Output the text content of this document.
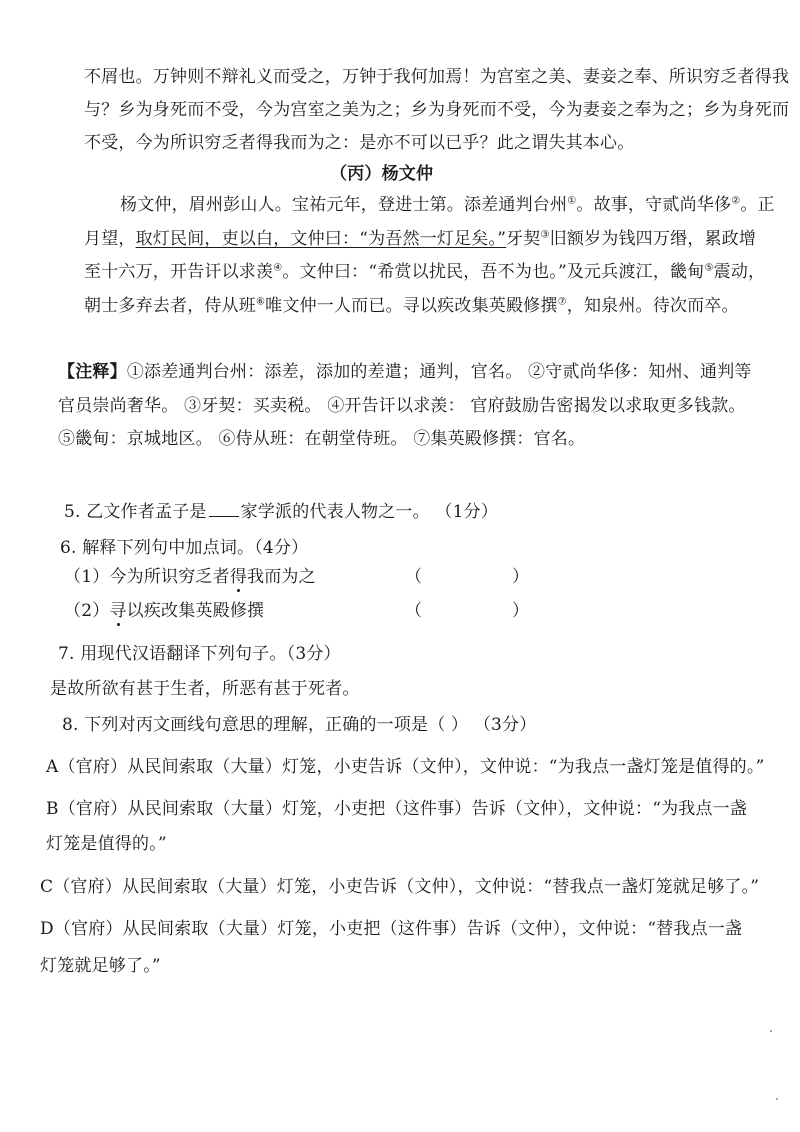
不屑也。万钟则不辩礼义而受之，万钟于我何加焉！为宫室之美、妻妾之奉、所识穷乏者得我
与？乡为身死而不受，今为宫室之美为之；乡为身死而不受，今为妻妾之奉为之；乡为身死而
不受，今为所识穷乏者得我而为之：是亦不可以已乎？此之谓失其本心。
（丙）杨文仲
杨文仲，眉州彭山人。宝祐元年，登进士第。添差通判台州①。故事，守贰尚华侈②。正
月望，取灯民间，吏以白，文仲曰：“为吾然一灯足矣。”牙契③旧额岁为钱四万缗，累政增
至十六万，开告讦以求羡④。文仲曰：“希赏以扰民，吾不为也。”及元兵渡江，畿甸⑤震动，
朝士多弃去者，侍从班⑥唯文仲一人而已。寻以疾改集英殿修撰⑦，知泉州。待次而卒。
【注释】①添差通判台州：添差，添加的差遣；通判，官名。 ②守贰尚华侈：知州、通判等
官员崇尚奢华。 ③牙契：买卖税。 ④开告讦以求羡： 官府鼓励告密揭发以求取更多钱款。
⑤畿甸：京城地区。 ⑥侍从班：在朝堂侍班。 ⑦集英殿修撰：官名。
5. 乙文作者孟子是 家学派的代表人物之一。 （1分）
6. 解释下列句中加点词。（4分）
（1）今为所识穷乏者得我而为之	（	）
（2）寻以疾改集英殿修撰	（	）
7. 用现代汉语翻译下列句子。（3分）
是故所欲有甚于生者，所恶有甚于死者。
8. 下列对丙文画线句意思的理解，正确的一项是（ ） （3分）
A（官府）从民间索取（大量）灯笼，小吏告诉（文仲），文仲说：“为我点一盏灯笼是值得的。”
B（官府）从民间索取（大量）灯笼，小吏把（这件事）告诉（文仲），文仲说：“为我点一盏
灯笼是值得的。”
C（官府）从民间索取（大量）灯笼，小吏告诉（文仲），文仲说：“替我点一盏灯笼就足够了。”
D（官府）从民间索取（大量）灯笼，小吏把（这件事）告诉（文仲），文仲说：“替我点一盏
灯笼就足够了。”
